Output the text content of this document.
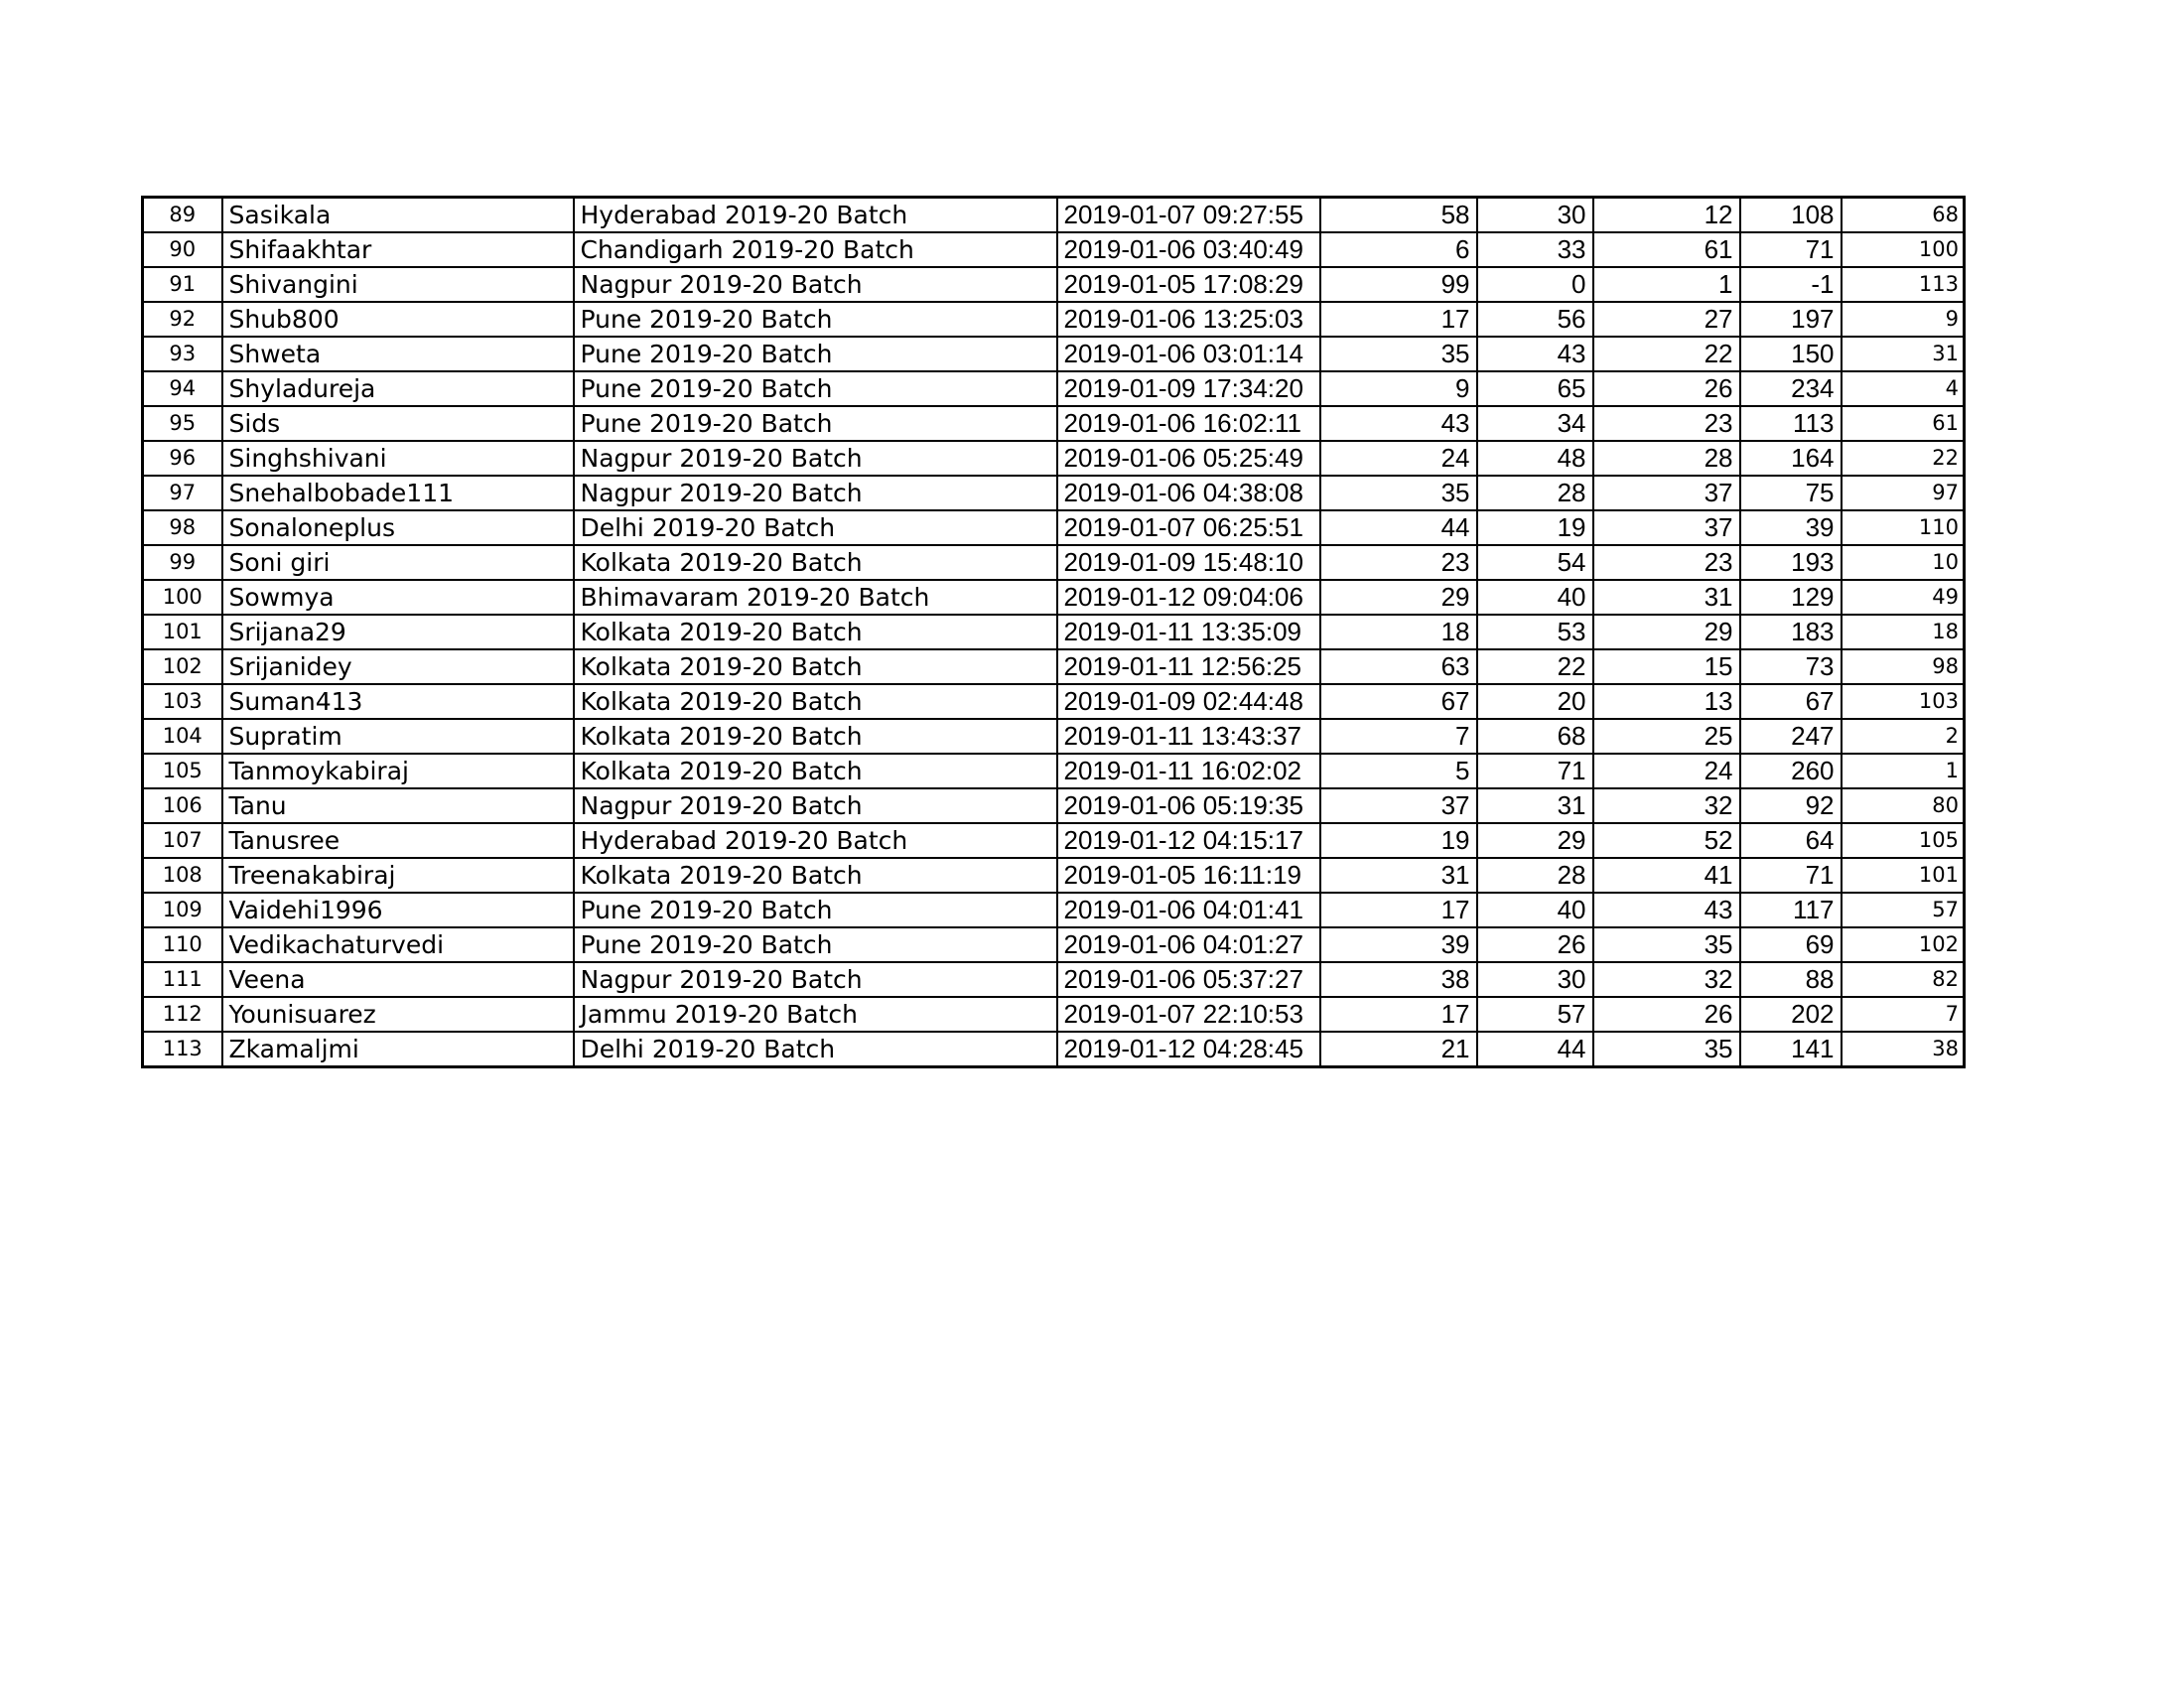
89	Sasikala	Hyderabad 2019-20 Batch	2019-01-07 09:27:55	58	30	12	108	68
90	Shifaakhtar	Chandigarh 2019-20 Batch	2019-01-06 03:40:49	6	33	61	71	100
91	Shivangini	Nagpur 2019-20 Batch	2019-01-05 17:08:29	99	0	1	-1	113
92	Shub800	Pune 2019-20 Batch	2019-01-06 13:25:03	17	56	27	197	9
93	Shweta	Pune 2019-20 Batch	2019-01-06 03:01:14	35	43	22	150	31
94	Shyladureja	Pune 2019-20 Batch	2019-01-09 17:34:20	9	65	26	234	4
95	Sids	Pune 2019-20 Batch	2019-01-06 16:02:11	43	34	23	113	61
96	Singhshivani	Nagpur 2019-20 Batch	2019-01-06 05:25:49	24	48	28	164	22
97	Snehalbobade111	Nagpur 2019-20 Batch	2019-01-06 04:38:08	35	28	37	75	97
98	Sonaloneplus	Delhi 2019-20 Batch	2019-01-07 06:25:51	44	19	37	39	110
99	Soni giri	Kolkata 2019-20 Batch	2019-01-09 15:48:10	23	54	23	193	10
100	Sowmya	Bhimavaram 2019-20 Batch	2019-01-12 09:04:06	29	40	31	129	49
101	Srijana29	Kolkata 2019-20 Batch	2019-01-11 13:35:09	18	53	29	183	18
102	Srijanidey	Kolkata 2019-20 Batch	2019-01-11 12:56:25	63	22	15	73	98
103	Suman413	Kolkata 2019-20 Batch	2019-01-09 02:44:48	67	20	13	67	103
104	Supratim	Kolkata 2019-20 Batch	2019-01-11 13:43:37	7	68	25	247	2
105	Tanmoykabiraj	Kolkata 2019-20 Batch	2019-01-11 16:02:02	5	71	24	260	1
106	Tanu	Nagpur 2019-20 Batch	2019-01-06 05:19:35	37	31	32	92	80
107	Tanusree	Hyderabad 2019-20 Batch	2019-01-12 04:15:17	19	29	52	64	105
108	Treenakabiraj	Kolkata 2019-20 Batch	2019-01-05 16:11:19	31	28	41	71	101
109	Vaidehi1996	Pune 2019-20 Batch	2019-01-06 04:01:41	17	40	43	117	57
110	Vedikachaturvedi	Pune 2019-20 Batch	2019-01-06 04:01:27	39	26	35	69	102
111	Veena	Nagpur 2019-20 Batch	2019-01-06 05:37:27	38	30	32	88	82
112	Younisuarez	Jammu 2019-20 Batch	2019-01-07 22:10:53	17	57	26	202	7
113	Zkamaljmi	Delhi 2019-20 Batch	2019-01-12 04:28:45	21	44	35	141	38
